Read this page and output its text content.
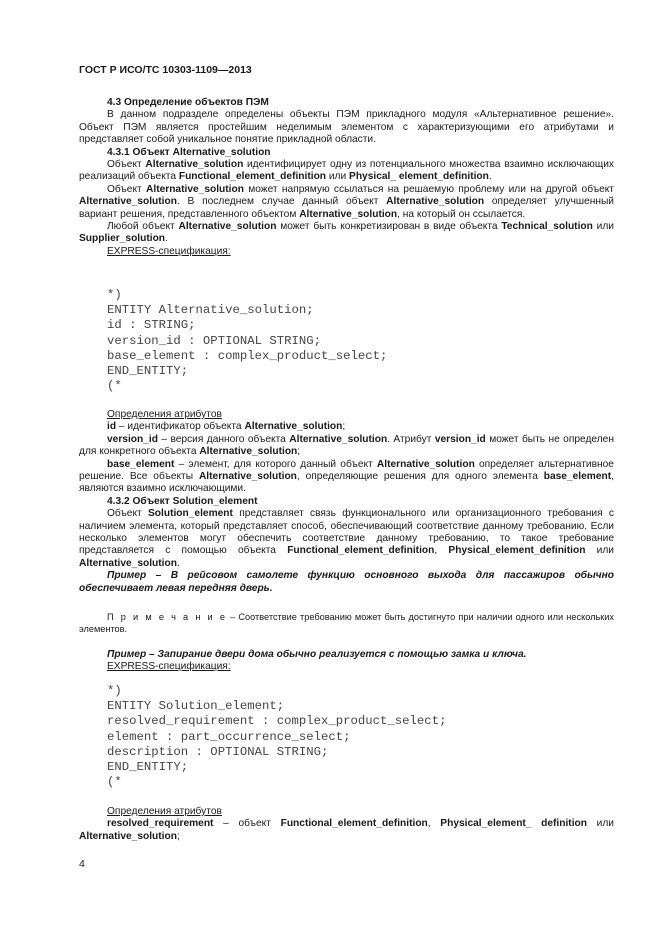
ГОСТ Р ИСО/ТС 10303-1109—2013

4.3 Определение объектов ПЭМ

В данном подразделе определены объекты ПЭМ прикладного модуля «Альтернативное решение». Объект ПЭМ является простейшим неделимым элементом с характеризующими его атрибутами и представляет собой уникальное понятие прикладной области.

4.3.1 Объект Alternative_solution

Объект Alternative_solution идентифицирует одну из потенциального множества взаимно исключающих реализаций объекта Functional_element_definition или Physical_ element_definition.

Объект Alternative_solution может напрямую ссылаться на решаемую проблему или на другой объект Alternative_solution. В последнем случае данный объект Alternative_solution определяет улучшенный вариант решения, представленного объектом Alternative_solution, на который он ссылается.

Любой объект Alternative_solution может быть конкретизирован в виде объекта Technical_solution или Supplier_solution.

EXPRESS-спецификация:

*)
ENTITY Alternative_solution;
id : STRING;
version_id : OPTIONAL STRING;
base_element : complex_product_select;
END_ENTITY;
(*

Определения атрибутов

id – идентификатор объекта Alternative_solution;

version_id – версия данного объекта Alternative_solution. Атрибут version_id может быть не определен для конкретного объекта Alternative_solution;

base_element – элемент, для которого данный объект Alternative_solution определяет альтернативное решение. Все объекты Alternative_solution, определяющие решения для одного элемента base_element, являются взаимно исключающими.

4.3.2 Объект Solution_element

Объект Solution_element представляет связь функционального или организационного требования с наличием элемента, который представляет способ, обеспечивающий соответствие данному требованию. Если несколько элементов могут обеспечить соответствие данному требованию, то такое требование представляется с помощью объекта Functional_element_definition, Physical_element_definition или Alternative_solution.

Пример – В рейсовом самолете функцию основного выхода для пассажиров обычно обеспечивает левая передняя дверь.

П р и м е ч а н и е – Соответствие требованию может быть достигнуто при наличии одного или нескольких элементов.

Пример – Запирание двери дома обычно реализуется с помощью замка и ключа.

EXPRESS-спецификация:

*)
ENTITY Solution_element;
resolved_requirement : complex_product_select;
element : part_occurrence_select;
description : OPTIONAL STRING;
END_ENTITY;
(*

Определения атрибутов

resolved_requirement – объект Functional_element_definition, Physical_element_ definition или Alternative_solution;

4
